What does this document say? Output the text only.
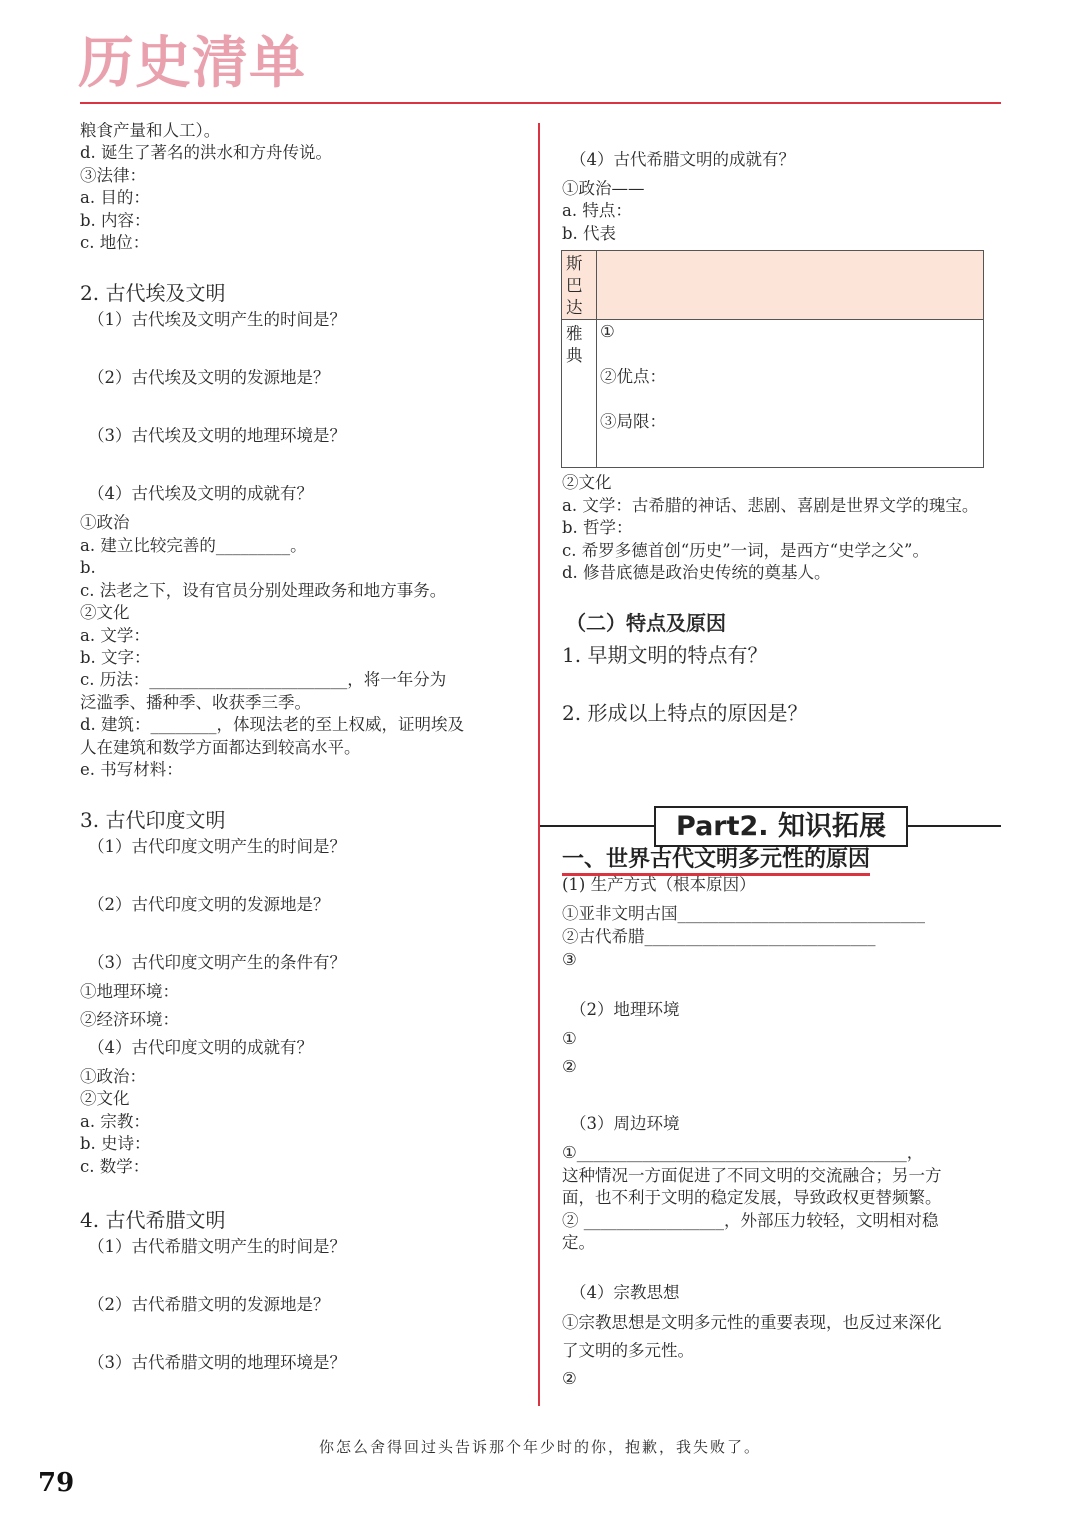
历史清单
粮食产量和人工）。
d. 诞生了著名的洪水和方舟传说。
③法律：
a. 目的：
b. 内容：
c. 地位：
2. 古代埃及文明
（1）古代埃及文明产生的时间是？
（2）古代埃及文明的发源地是？
（3）古代埃及文明的地理环境是？
（4）古代埃及文明的成就有？
①政治
a. 建立比较完善的_________。
b.
c. 法老之下，设有官员分别处理政务和地方事务。
②文化
a. 文学：
b. 文字：
c. 历法：________________________，将一年分为
泛滥季、播种季、收获季三季。
d. 建筑：________，体现法老的至上权威，证明埃及
人在建筑和数学方面都达到较高水平。
e. 书写材料：
3. 古代印度文明
（1）古代印度文明产生的时间是？
（2）古代印度文明的发源地是？
（3）古代印度文明产生的条件有？
①地理环境：
②经济环境：
（4）古代印度文明的成就有？
①政治：
②文化
a. 宗教：
b. 史诗：
c. 数学：
4. 古代希腊文明
（1）古代希腊文明产生的时间是？
（2）古代希腊文明的发源地是？
（3）古代希腊文明的地理环境是？
（4）古代希腊文明的成就有？
①政治——
a. 特点：
b. 代表
斯巴达
雅典
①
②优点：
③局限：
②文化
a. 文学：古希腊的神话、悲剧、喜剧是世界文学的瑰宝。
b. 哲学：
c. 希罗多德首创“历史”一词，是西方“史学之父”。
d. 修昔底德是政治史传统的奠基人。
（二）特点及原因
1. 早期文明的特点有？
2. 形成以上特点的原因是？
Part2. 知识拓展
一、世界古代文明多元性的原因
(1) 生产方式（根本原因）
①亚非文明古国______________________________
②古代希腊____________________________
③
（2）地理环境
①
②
（3）周边环境
①________________________________________，
这种情况一方面促进了不同文明的交流融合；另一方
面，也不利于文明的稳定发展，导致政权更替频繁。
② _________________，外部压力较轻，文明相对稳
定。
（4）宗教思想
①宗教思想是文明多元性的重要表现，也反过来深化
了文明的多元性。
②
你怎么舍得回过头告诉那个年少时的你，抱歉，我失败了。
79
